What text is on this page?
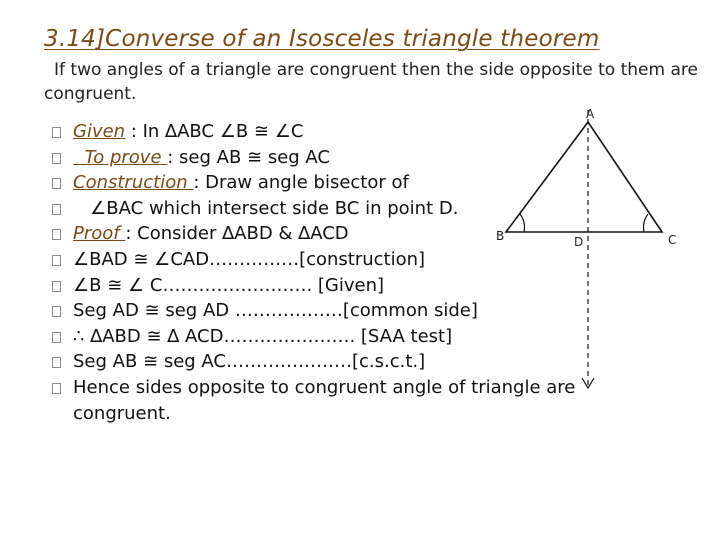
3.14]Converse of an Isosceles triangle theorem
If two angles of a triangle are congruent then the side opposite to them are congruent.
Given : In ∆ABC ∠B ≅ ∠C
To prove : seg AB ≅ seg AC
Construction : Draw angle bisector of
∠BAC which intersect side BC in point D.
Proof : Consider ∆ABD & ∆ACD
∠BAD ≅ ∠CAD……………[construction]
∠B ≅ ∠ C……………………. [Given]
Seg AD ≅ seg AD ………………[common side]
∴ ∆ABD ≅ ∆ ACD…………………. [SAA test]
Seg AB ≅ seg AC…………………[c.s.c.t.]
Hence sides opposite to congruent angle of triangle are congruent.
A
B	C
D
